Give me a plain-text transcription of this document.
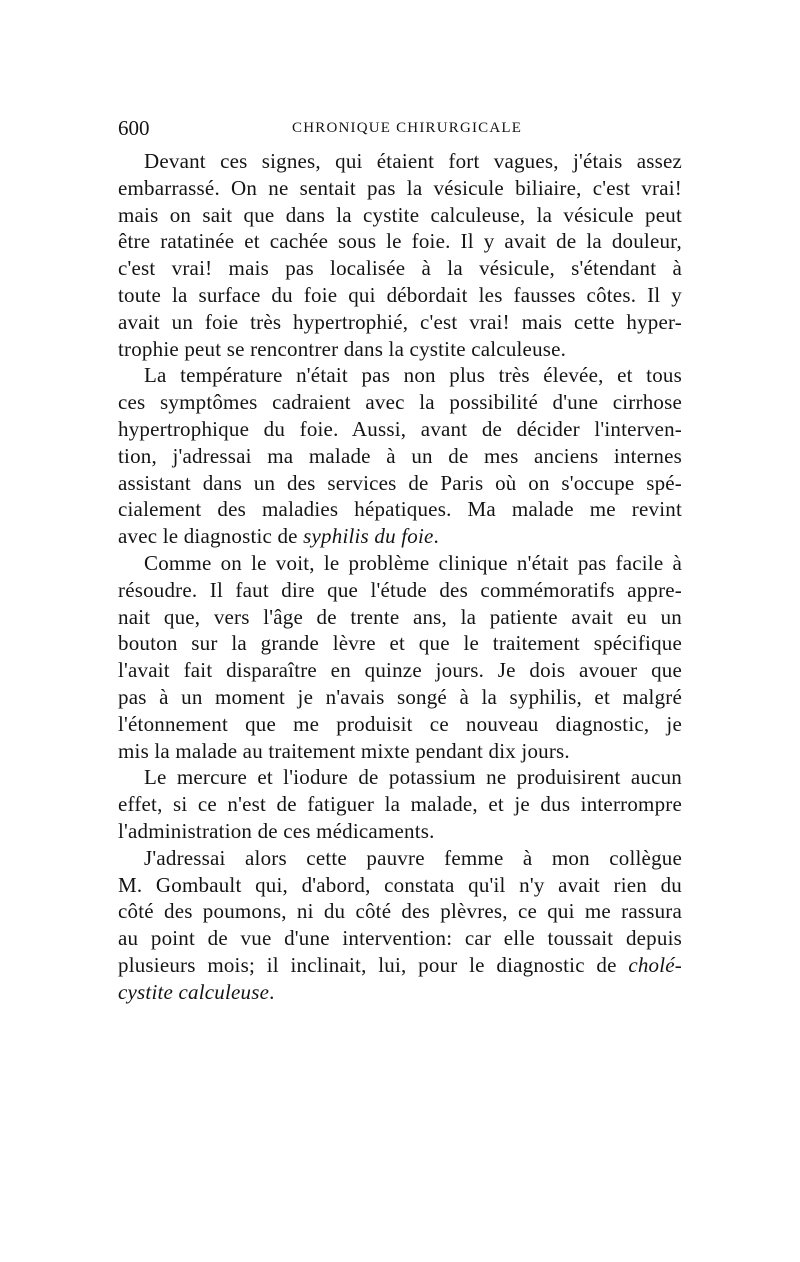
600	CHRONIQUE CHIRURGICALE

Devant ces signes, qui étaient fort vagues, j'étais assez
embarrassé. On ne sentait pas la vésicule biliaire, c'est vrai!
mais on sait que dans la cystite calculeuse, la vésicule peut
être ratatinée et cachée sous le foie. Il y avait de la douleur,
c'est vrai! mais pas localisée à la vésicule, s'étendant à
toute la surface du foie qui débordait les fausses côtes. Il y
avait un foie très hypertrophié, c'est vrai! mais cette hyper-
trophie peut se rencontrer dans la cystite calculeuse.

La température n'était pas non plus très élevée, et tous
ces symptômes cadraient avec la possibilité d'une cirrhose
hypertrophique du foie. Aussi, avant de décider l'interven-
tion, j'adressai ma malade à un de mes anciens internes
assistant dans un des services de Paris où on s'occupe spé-
cialement des maladies hépatiques. Ma malade me revint
avec le diagnostic de syphilis du foie.

Comme on le voit, le problème clinique n'était pas facile à
résoudre. Il faut dire que l'étude des commémoratifs appre-
nait que, vers l'âge de trente ans, la patiente avait eu un
bouton sur la grande lèvre et que le traitement spécifique
l'avait fait disparaître en quinze jours. Je dois avouer que
pas à un moment je n'avais songé à la syphilis, et malgré
l'étonnement que me produisit ce nouveau diagnostic, je
mis la malade au traitement mixte pendant dix jours.

Le mercure et l'iodure de potassium ne produisirent aucun
effet, si ce n'est de fatiguer la malade, et je dus interrompre
l'administration de ces médicaments.

J'adressai alors cette pauvre femme à mon collègue
M. Gombault qui, d'abord, constata qu'il n'y avait rien du
côté des poumons, ni du côté des plèvres, ce qui me rassura
au point de vue d'une intervention: car elle toussait depuis
plusieurs mois; il inclinait, lui, pour le diagnostic de cholé-
cystite calculeuse.
